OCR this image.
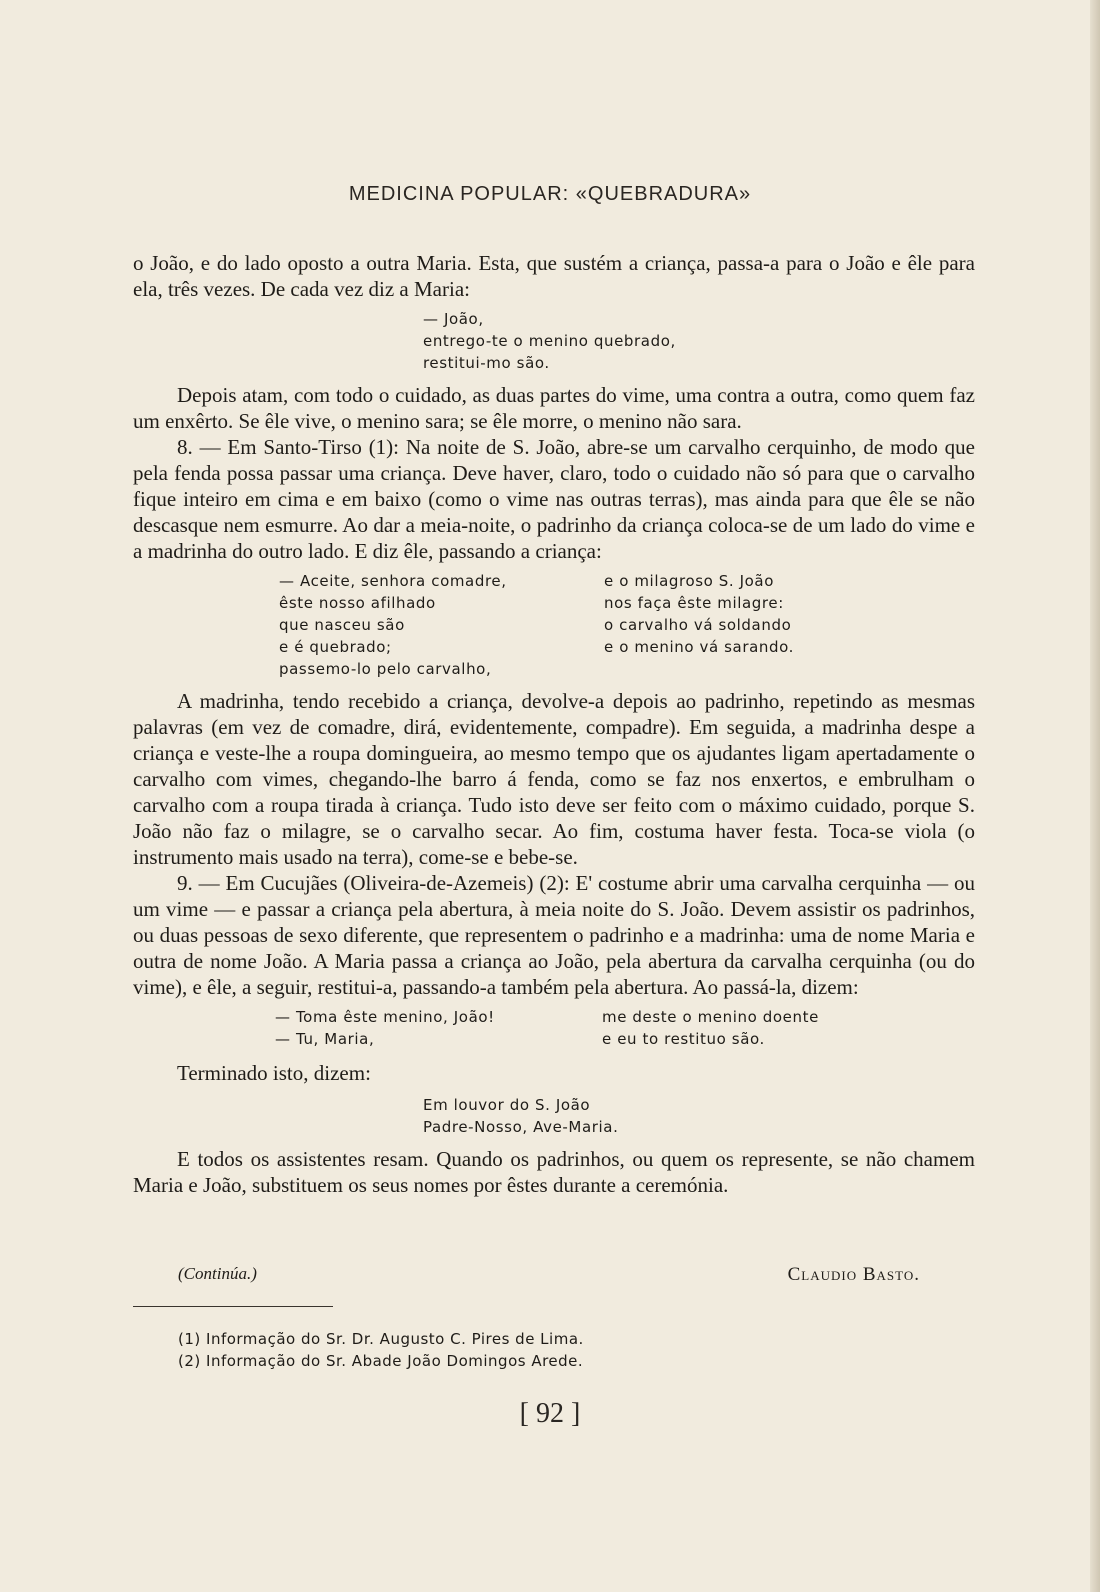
MEDICINA POPULAR: «QUEBRADURA»

o João, e do lado oposto a outra Maria. Esta, que sustém a criança, passa-a para o João e êle para ela, três vezes. De cada vez diz a Maria:

— João,
entrego-te o menino quebrado,
restitui-mo são.

Depois atam, com todo o cuidado, as duas partes do vime, uma contra a outra, como quem faz um enxêrto. Se êle vive, o menino sara; se êle morre, o menino não sara.

8. — Em Santo-Tirso (1): Na noite de S. João, abre-se um carvalho cerquinho, de modo que pela fenda possa passar uma criança. Deve haver, claro, todo o cuidado não só para que o carvalho fique inteiro em cima e em baixo (como o vime nas outras terras), mas ainda para que êle se não descasque nem esmurre. Ao dar a meia-noite, o padrinho da criança coloca-se de um lado do vime e a madrinha do outro lado. E diz êle, passando a criança:

— Aceite, senhora comadre,
êste nosso afilhado
que nasceu são
e é quebrado;
passemo-lo pelo carvalho,
e o milagroso S. João
nos faça êste milagre:
o carvalho vá soldando
e o menino vá sarando.

A madrinha, tendo recebido a criança, devolve-a depois ao padrinho, repetindo as mesmas palavras (em vez de comadre, dirá, evidentemente, compadre). Em seguida, a madrinha despe a criança e veste-lhe a roupa domingueira, ao mesmo tempo que os ajudantes ligam apertadamente o carvalho com vimes, chegando-lhe barro á fenda, como se faz nos enxertos, e embrulham o carvalho com a roupa tirada à criança. Tudo isto deve ser feito com o máximo cuidado, porque S. João não faz o milagre, se o carvalho secar. Ao fim, costuma haver festa. Toca-se viola (o instrumento mais usado na terra), come-se e bebe-se.

9. — Em Cucujães (Oliveira-de-Azemeis) (2): E' costume abrir uma carvalha cerquinha — ou um vime — e passar a criança pela abertura, à meia noite do S. João. Devem assistir os padrinhos, ou duas pessoas de sexo diferente, que representem o padrinho e a madrinha: uma de nome Maria e outra de nome João. A Maria passa a criança ao João, pela abertura da carvalha cerquinha (ou do vime), e êle, a seguir, restitui-a, passando-a também pela abertura. Ao passá-la, dizem:

— Toma êste menino, João!
— Tu, Maria,
me deste o menino doente
e eu to restituo são.

Terminado isto, dizem:

Em louvor do S. João
Padre-Nosso, Ave-Maria.

E todos os assistentes resam. Quando os padrinhos, ou quem os represente, se não chamem Maria e João, substituem os seus nomes por êstes durante a ceremónia.

(Continúa.)	Claudio Basto.
(1) Informação do Sr. Dr. Augusto C. Pires de Lima.
(2) Informação do Sr. Abade João Domingos Arede.
[ 92 ]
